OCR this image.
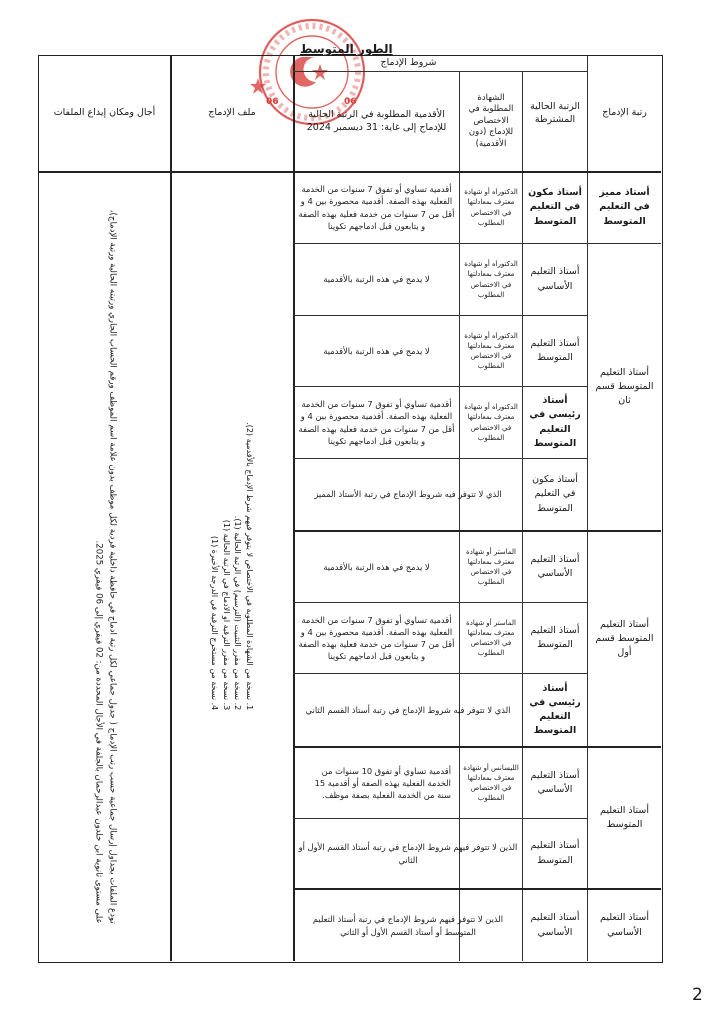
06
06
الطور المتوسط
رتبة الإدماج
الرتبة الحالية المشترطة
شروط الإدماج
الشهادة المطلوبة في الاختصاص للإدماج (دون الأقدمية)
الأقدمية المطلوبة في الرتبة الحالية للإدماج إلى غاية: 31 ديسمبر 2024
ملف الإدماج
أجال ومكان إيداع الملفات
أستاذ مميز في التعليم المتوسط
أستاذ التعليم المتوسط قسم ثان
أستاذ التعليم المتوسط قسم أول
أستاذ التعليم المتوسط
أستاذ التعليم الأساسي
أستاذ مكون في التعليم المتوسط
الدكتوراه أو شهادة معترف بمعادلتها في الاختصاص المطلوب
أقدمية تساوي أو تفوق 7 سنوات من الخدمة الفعلية بهذه الصفة. أقدمية محصورة بين 4 و أقل من 7 سنوات من خدمة فعلية بهذه الصفة و يتابعون قبل ادماجهم تكوينا
أستاذ التعليم الأساسي
الدكتوراه أو شهادة معترف بمعادلتها في الاختصاص المطلوب
لا يدمج في هذه الرتبة بالأقدمية
أستاذ التعليم المتوسط
الدكتوراه أو شهادة معترف بمعادلتها في الاختصاص المطلوب
لا يدمج في هذه الرتبة بالأقدمية
أستاذ رئيسي في التعليم المتوسط
الدكتوراه أو شهادة معترف بمعادلتها في الاختصاص المطلوب
أقدمية تساوي أو تفوق 7 سنوات من الخدمة الفعلية بهذه الصفة. أقدمية محصورة بين 4 و أقل من 7 سنوات من خدمة فعلية بهذه الصفة و يتابعون قبل ادماجهم تكوينا
أستاذ مكون في التعليم المتوسط
الذي لا تتوفر فيه شروط الإدماج في رتبة الأستاذ المميز
أستاذ التعليم الأساسي
الماستر أو شهادة معترف بمعادلتها في الاختصاص المطلوب
لا يدمج في هذه الرتبة بالأقدمية
أستاذ التعليم المتوسط
الماستر أو شهادة معترف بمعادلتها في الاختصاص المطلوب
أقدمية تساوي أو تفوق 7 سنوات من الخدمة الفعلية بهذه الصفة. أقدمية محصورة بين 4 و أقل من 7 سنوات من خدمة فعلية بهذه الصفة و يتابعون قبل ادماجهم تكوينا
أستاذ رئيسي في التعليم المتوسط
الذي لا تتوفر فيه شروط الإدماج في رتبة أستاذ القسم الثاني
أستاذ التعليم الأساسي
الليسانس أو شهادة معترف بمعادلتها في الاختصاص المطلوب
أقدمية تساوي أو تفوق 10 سنوات من الخدمة الفعلية بهذه الصفة أو أقدمية 15 سنة من الخدمة الفعلية بصفة موظف.
أستاذ التعليم المتوسط
الذين لا تتوفر فيهم شروط الإدماج في رتبة أستاذ القسم الأول أو الثاني
أستاذ التعليم الأساسي
الذين لا تتوفر فيهم شروط الإدماج في رتبة أستاذ التعليم المتوسط أو أستاذ القسم الأول أو الثاني
1. نسخة من الشهادة المطلوبة في الاختصاص لا يتوفر فيهم شرط الإدماج بالأقدمية (2).
2. نسخة من مقرر التثبيت (الترسيم) في الرتبة الحالية (1).
3. نسخة من مقرر الترقية او الادماج في الرتبة الحالية (1)
4. نسخة من مستخرج الترقية في الدرجة الأخيرة (1)
تودع الملفات بجداول إرسال جماعية حسب رتب الإدماج ( جدول جماعي لكل رتبة ادماج في حافظة داخلية فردية لكل موظف بدون علامة اسم الموظف ورقم الحساب الجاري ورتبته الحالية ورتبة الإدماج)،
على مستوى ثانوية ابن خلدون عبدالرحمان بالجلفة في الأجال المحددة من: 02 فيفري إلى 06 فيفري 2025.
2
